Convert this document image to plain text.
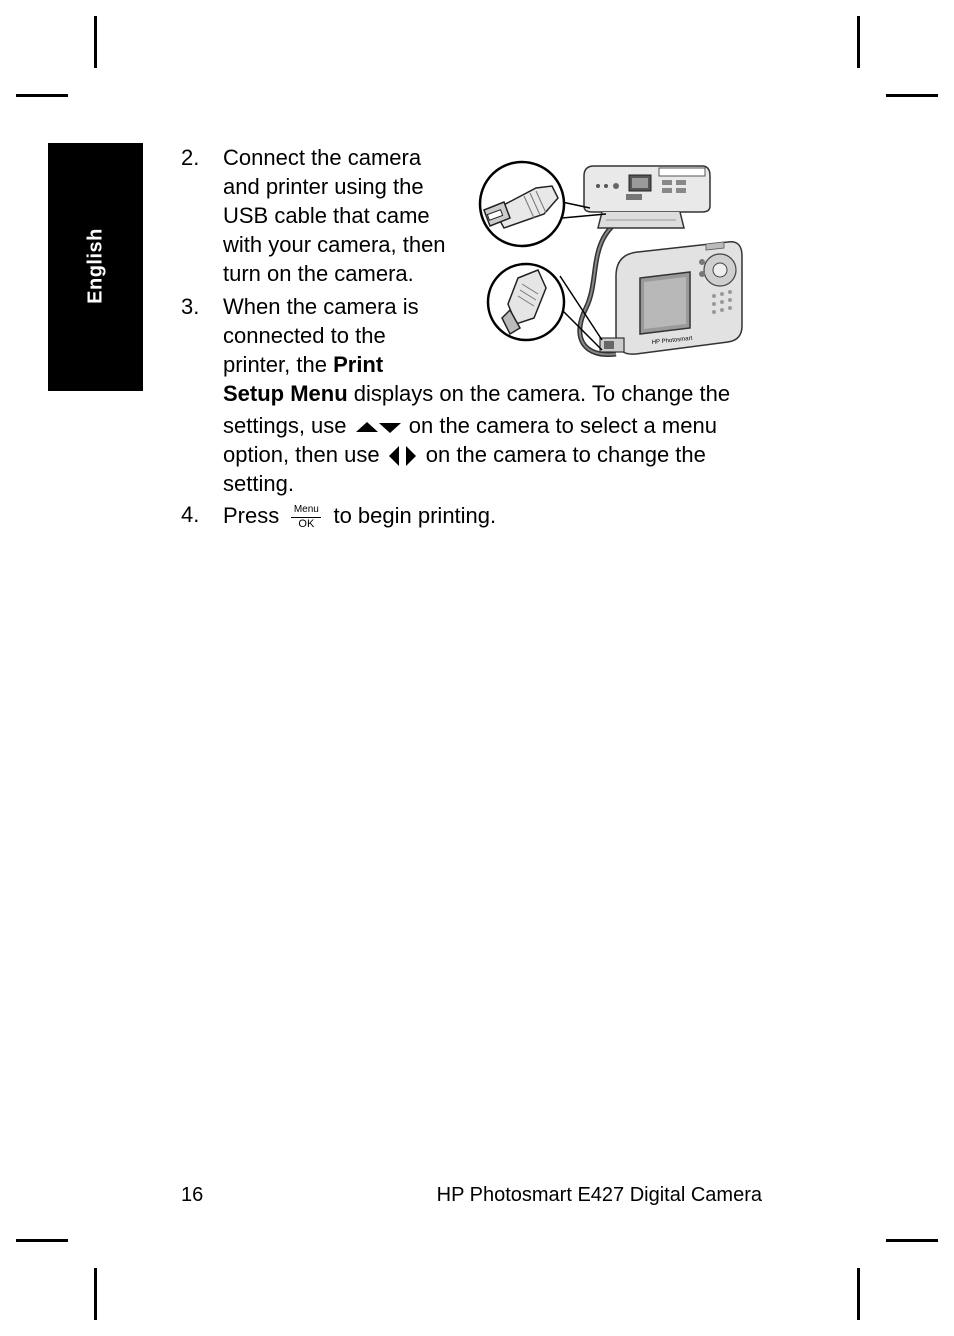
English
2. Connect the camera
and printer using the
USB cable that came
with your camera, then
turn on the camera.
3. When the camera is
connected to the
printer, the Print
Setup Menu displays on the camera. To change the
settings, use  on the camera to select a menu
option, then use  on the camera to change the
setting.
4. Press Menu
OK to begin printing.
HP Photosmart
16	HP Photosmart E427 Digital Camera
